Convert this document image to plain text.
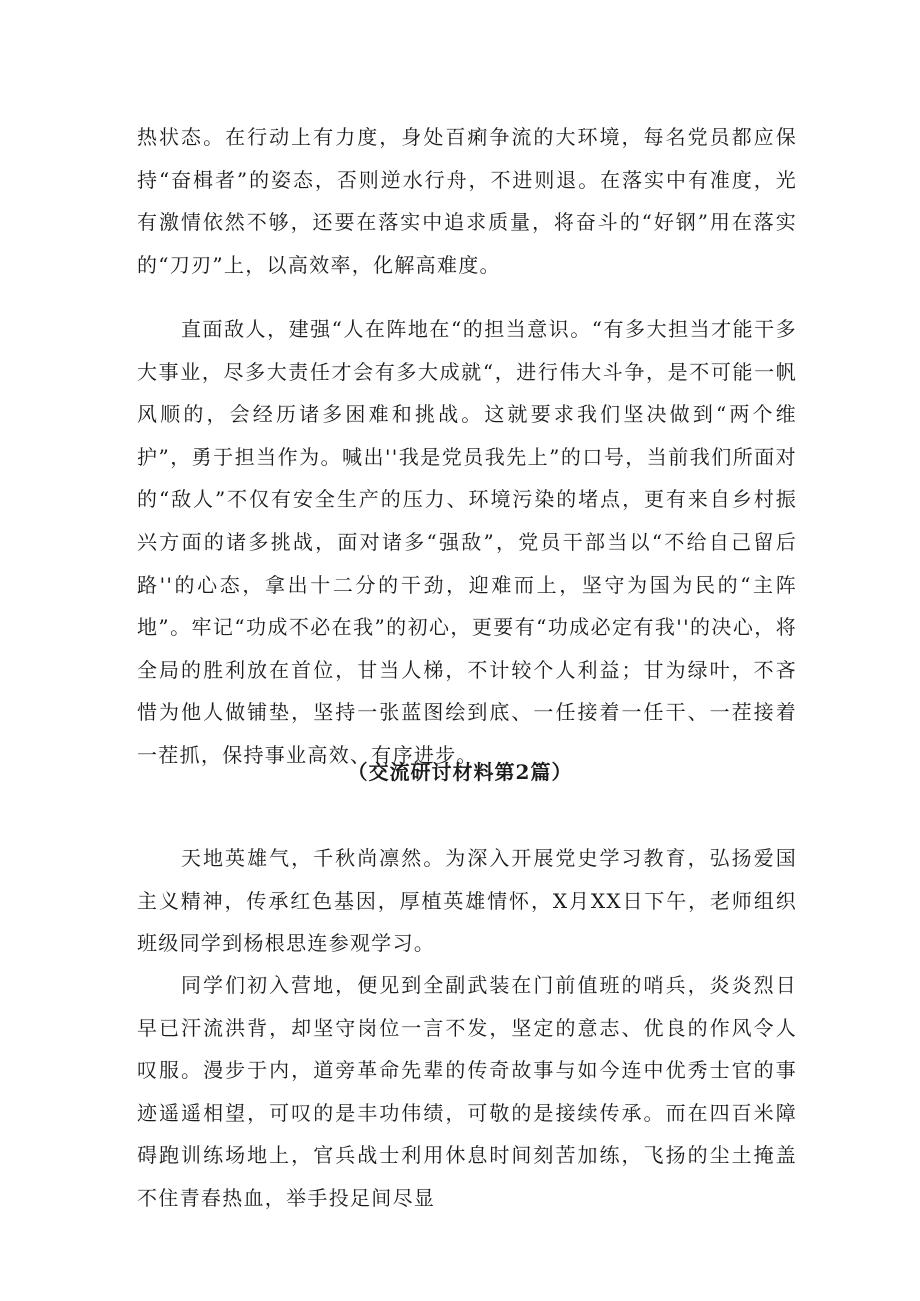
热状态。在行动上有力度，身处百痢争流的大环境，每名党员都应保持“奋楫者”的姿态，否则逆水行舟，不进则退。在落实中有准度，光有激情依然不够，还要在落实中追求质量，将奋斗的“好钢”用在落实的“刀刃”上，以高效率，化解高难度。

直面敌人，建强“人在阵地在“的担当意识。“有多大担当才能干多大事业，尽多大责任才会有多大成就“，进行伟大斗争，是不可能一帆风顺的，会经历诸多困难和挑战。这就要求我们坚决做到“两个维护”，勇于担当作为。喊出''我是党员我先上”的口号，当前我们所面对的“敌人”不仅有安全生产的压力、环境污染的堵点，更有来自乡村振兴方面的诸多挑战，面对诸多“强敌”，党员干部当以“不给自己留后路''的心态，拿出十二分的干劲，迎难而上，坚守为国为民的“主阵地”。牢记“功成不必在我”的初心，更要有“功成必定有我''的决心，将全局的胜利放在首位，甘当人梯，不计较个人利益；甘为绿叶，不吝惜为他人做铺垫，坚持一张蓝图绘到底、一任接着一任干、一茬接着一茬抓，保持事业高效、有序进步。

（交流研讨材料第2篇）

天地英雄气，千秋尚凛然。为深入开展党史学习教育，弘扬爱国主义精神，传承红色基因，厚植英雄情怀，X月XX日下午，老师组织班级同学到杨根思连参观学习。

同学们初入营地，便见到全副武装在门前值班的哨兵，炎炎烈日早已汗流洪背，却坚守岗位一言不发，坚定的意志、优良的作风令人叹服。漫步于内，道旁革命先辈的传奇故事与如今连中优秀士官的事迹遥遥相望，可叹的是丰功伟绩，可敬的是接续传承。而在四百米障碍跑训练场地上，官兵战士利用休息时间刻苦加练，飞扬的尘土掩盖不住青春热血，举手投足间尽显
